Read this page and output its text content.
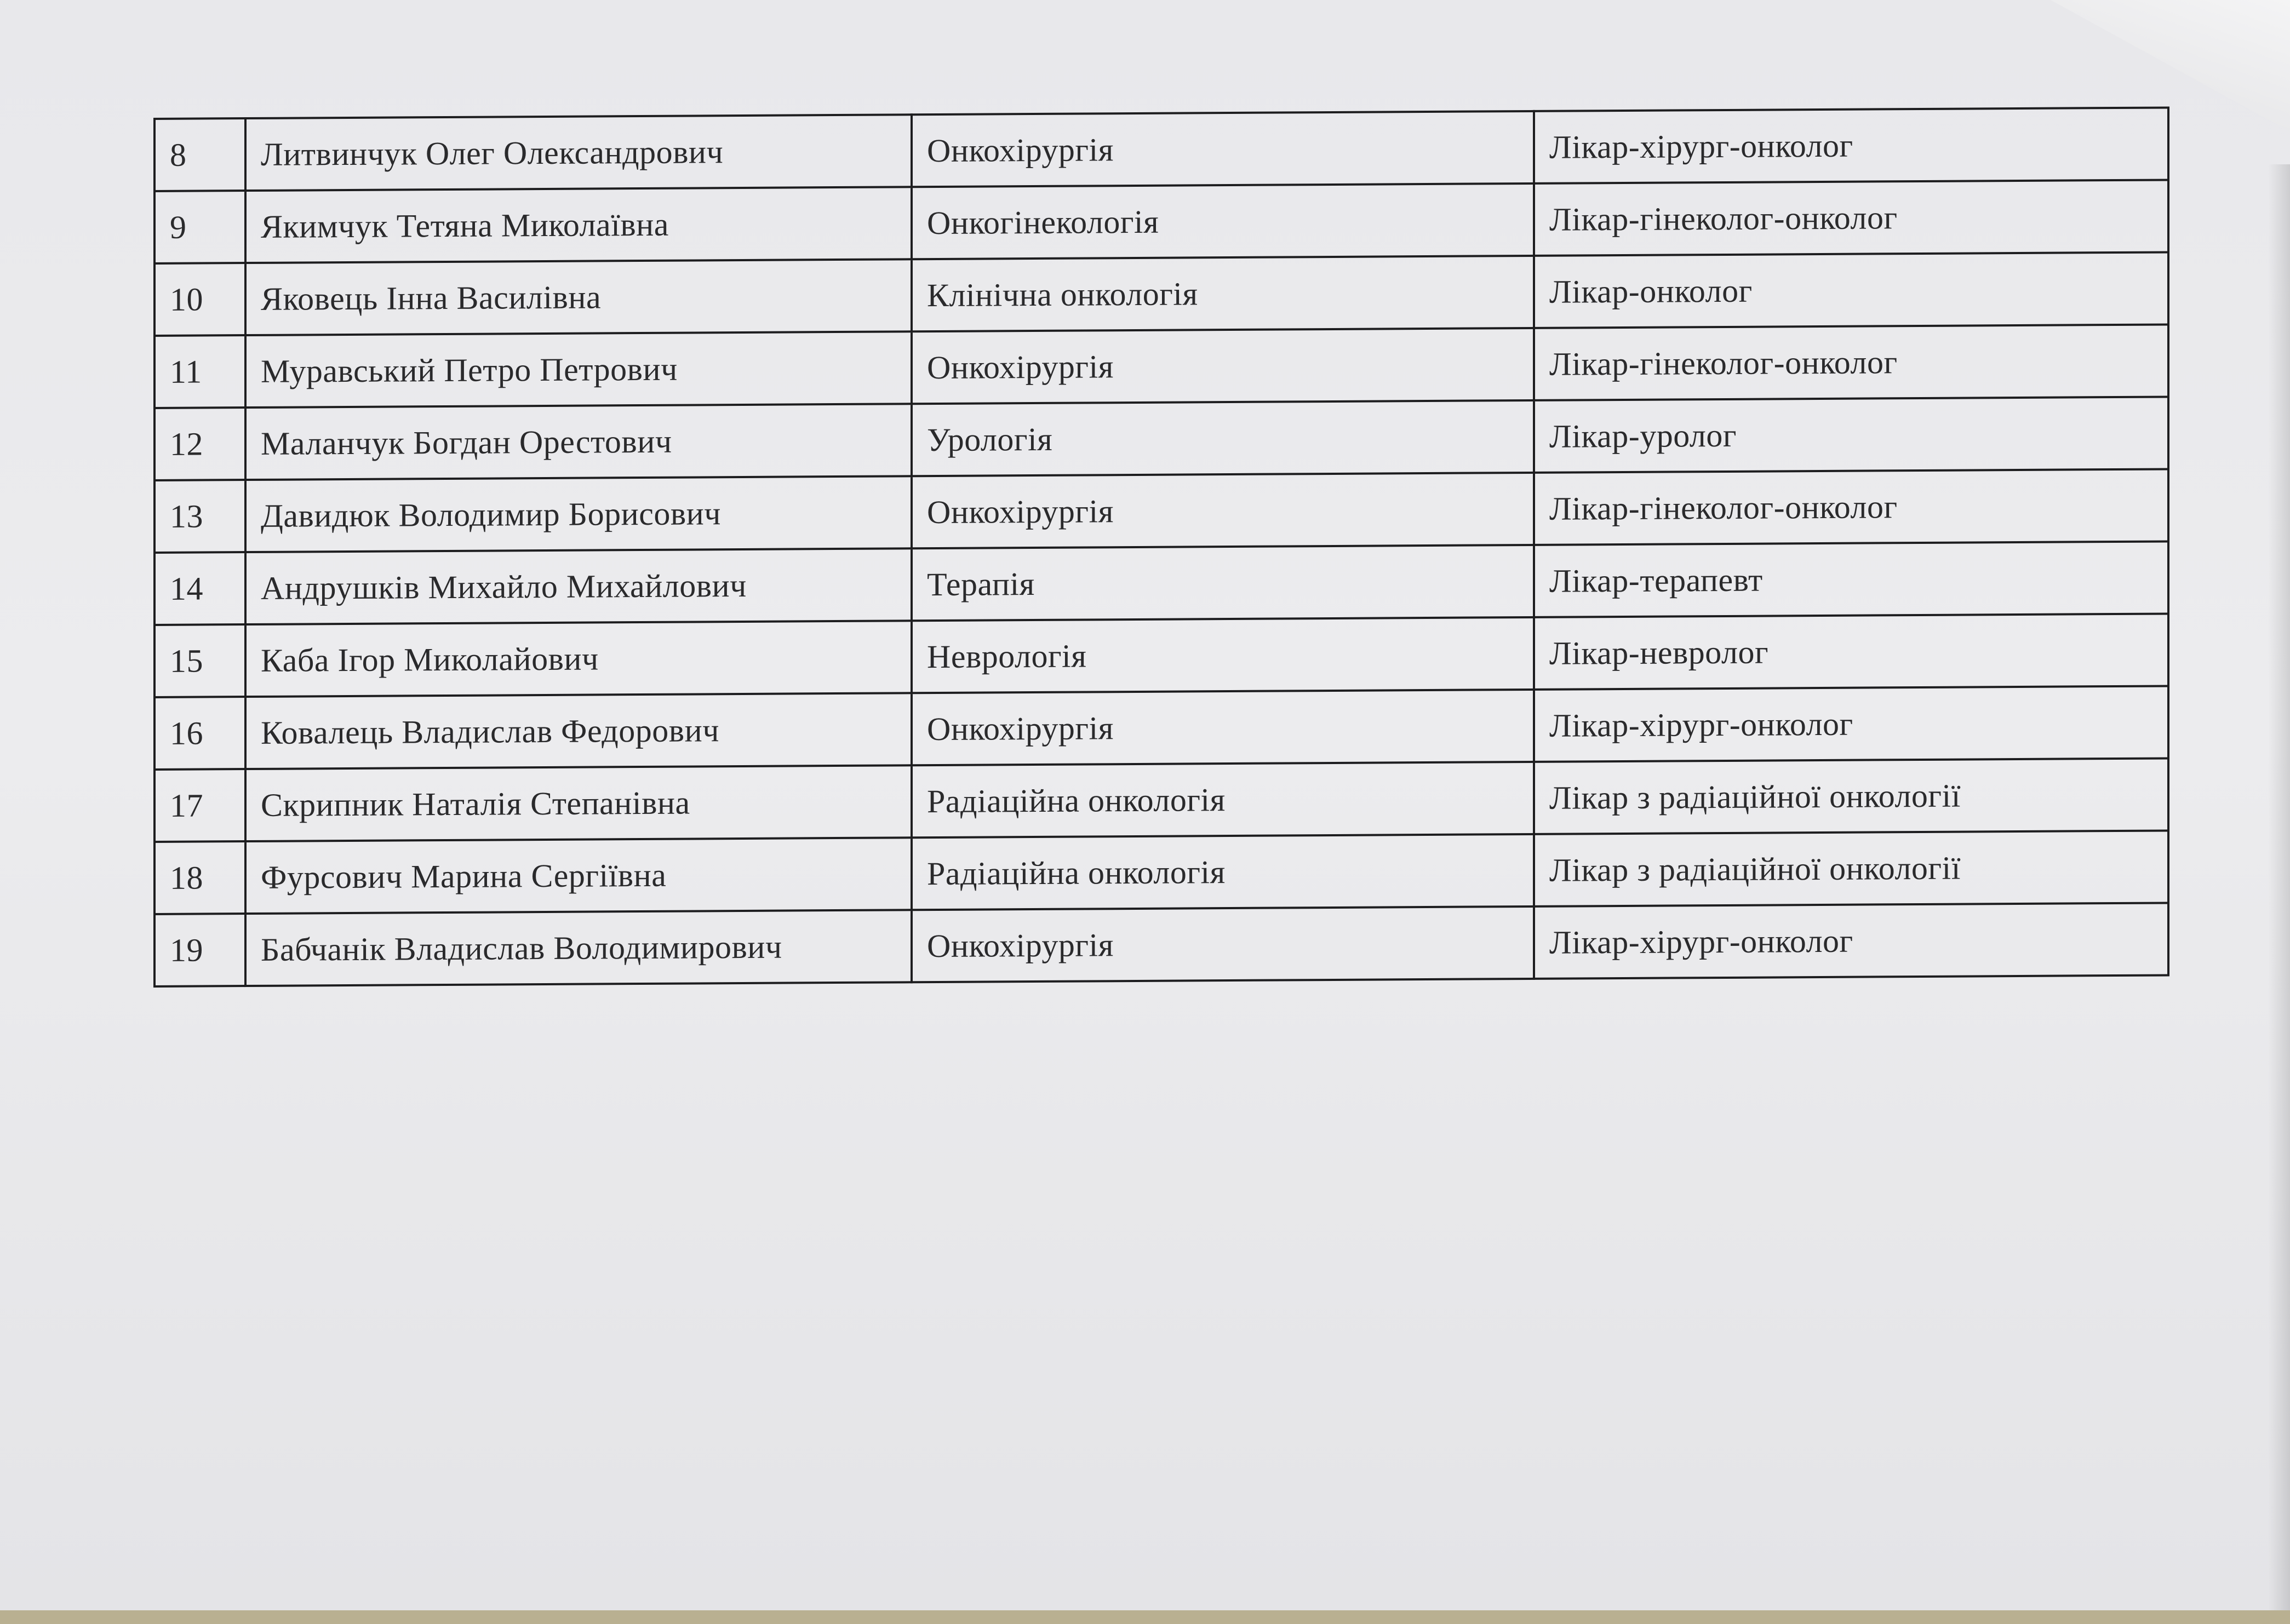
8	Литвинчук Олег Олександрович	Онкохірургія	Лікар-хірург-онколог
9	Якимчук Тетяна Миколаївна	Онкогінекологія	Лікар-гінеколог-онколог
10	Яковець Інна Василівна	Клінічна онкологія	Лікар-онколог
11	Муравський Петро Петрович	Онкохірургія	Лікар-гінеколог-онколог
12	Маланчук Богдан Орестович	Урологія	Лікар-уролог
13	Давидюк Володимир Борисович	Онкохірургія	Лікар-гінеколог-онколог
14	Андрушків Михайло Михайлович	Терапія	Лікар-терапевт
15	Каба Ігор Миколайович	Неврологія	Лікар-невролог
16	Ковалець Владислав Федорович	Онкохірургія	Лікар-хірург-онколог
17	Скрипник Наталія Степанівна	Радіаційна онкологія	Лікар з радіаційної онкології
18	Фурсович Марина Сергіївна	Радіаційна онкологія	Лікар з радіаційної онкології
19	Бабчанік Владислав Володимирович	Онкохірургія	Лікар-хірург-онколог
